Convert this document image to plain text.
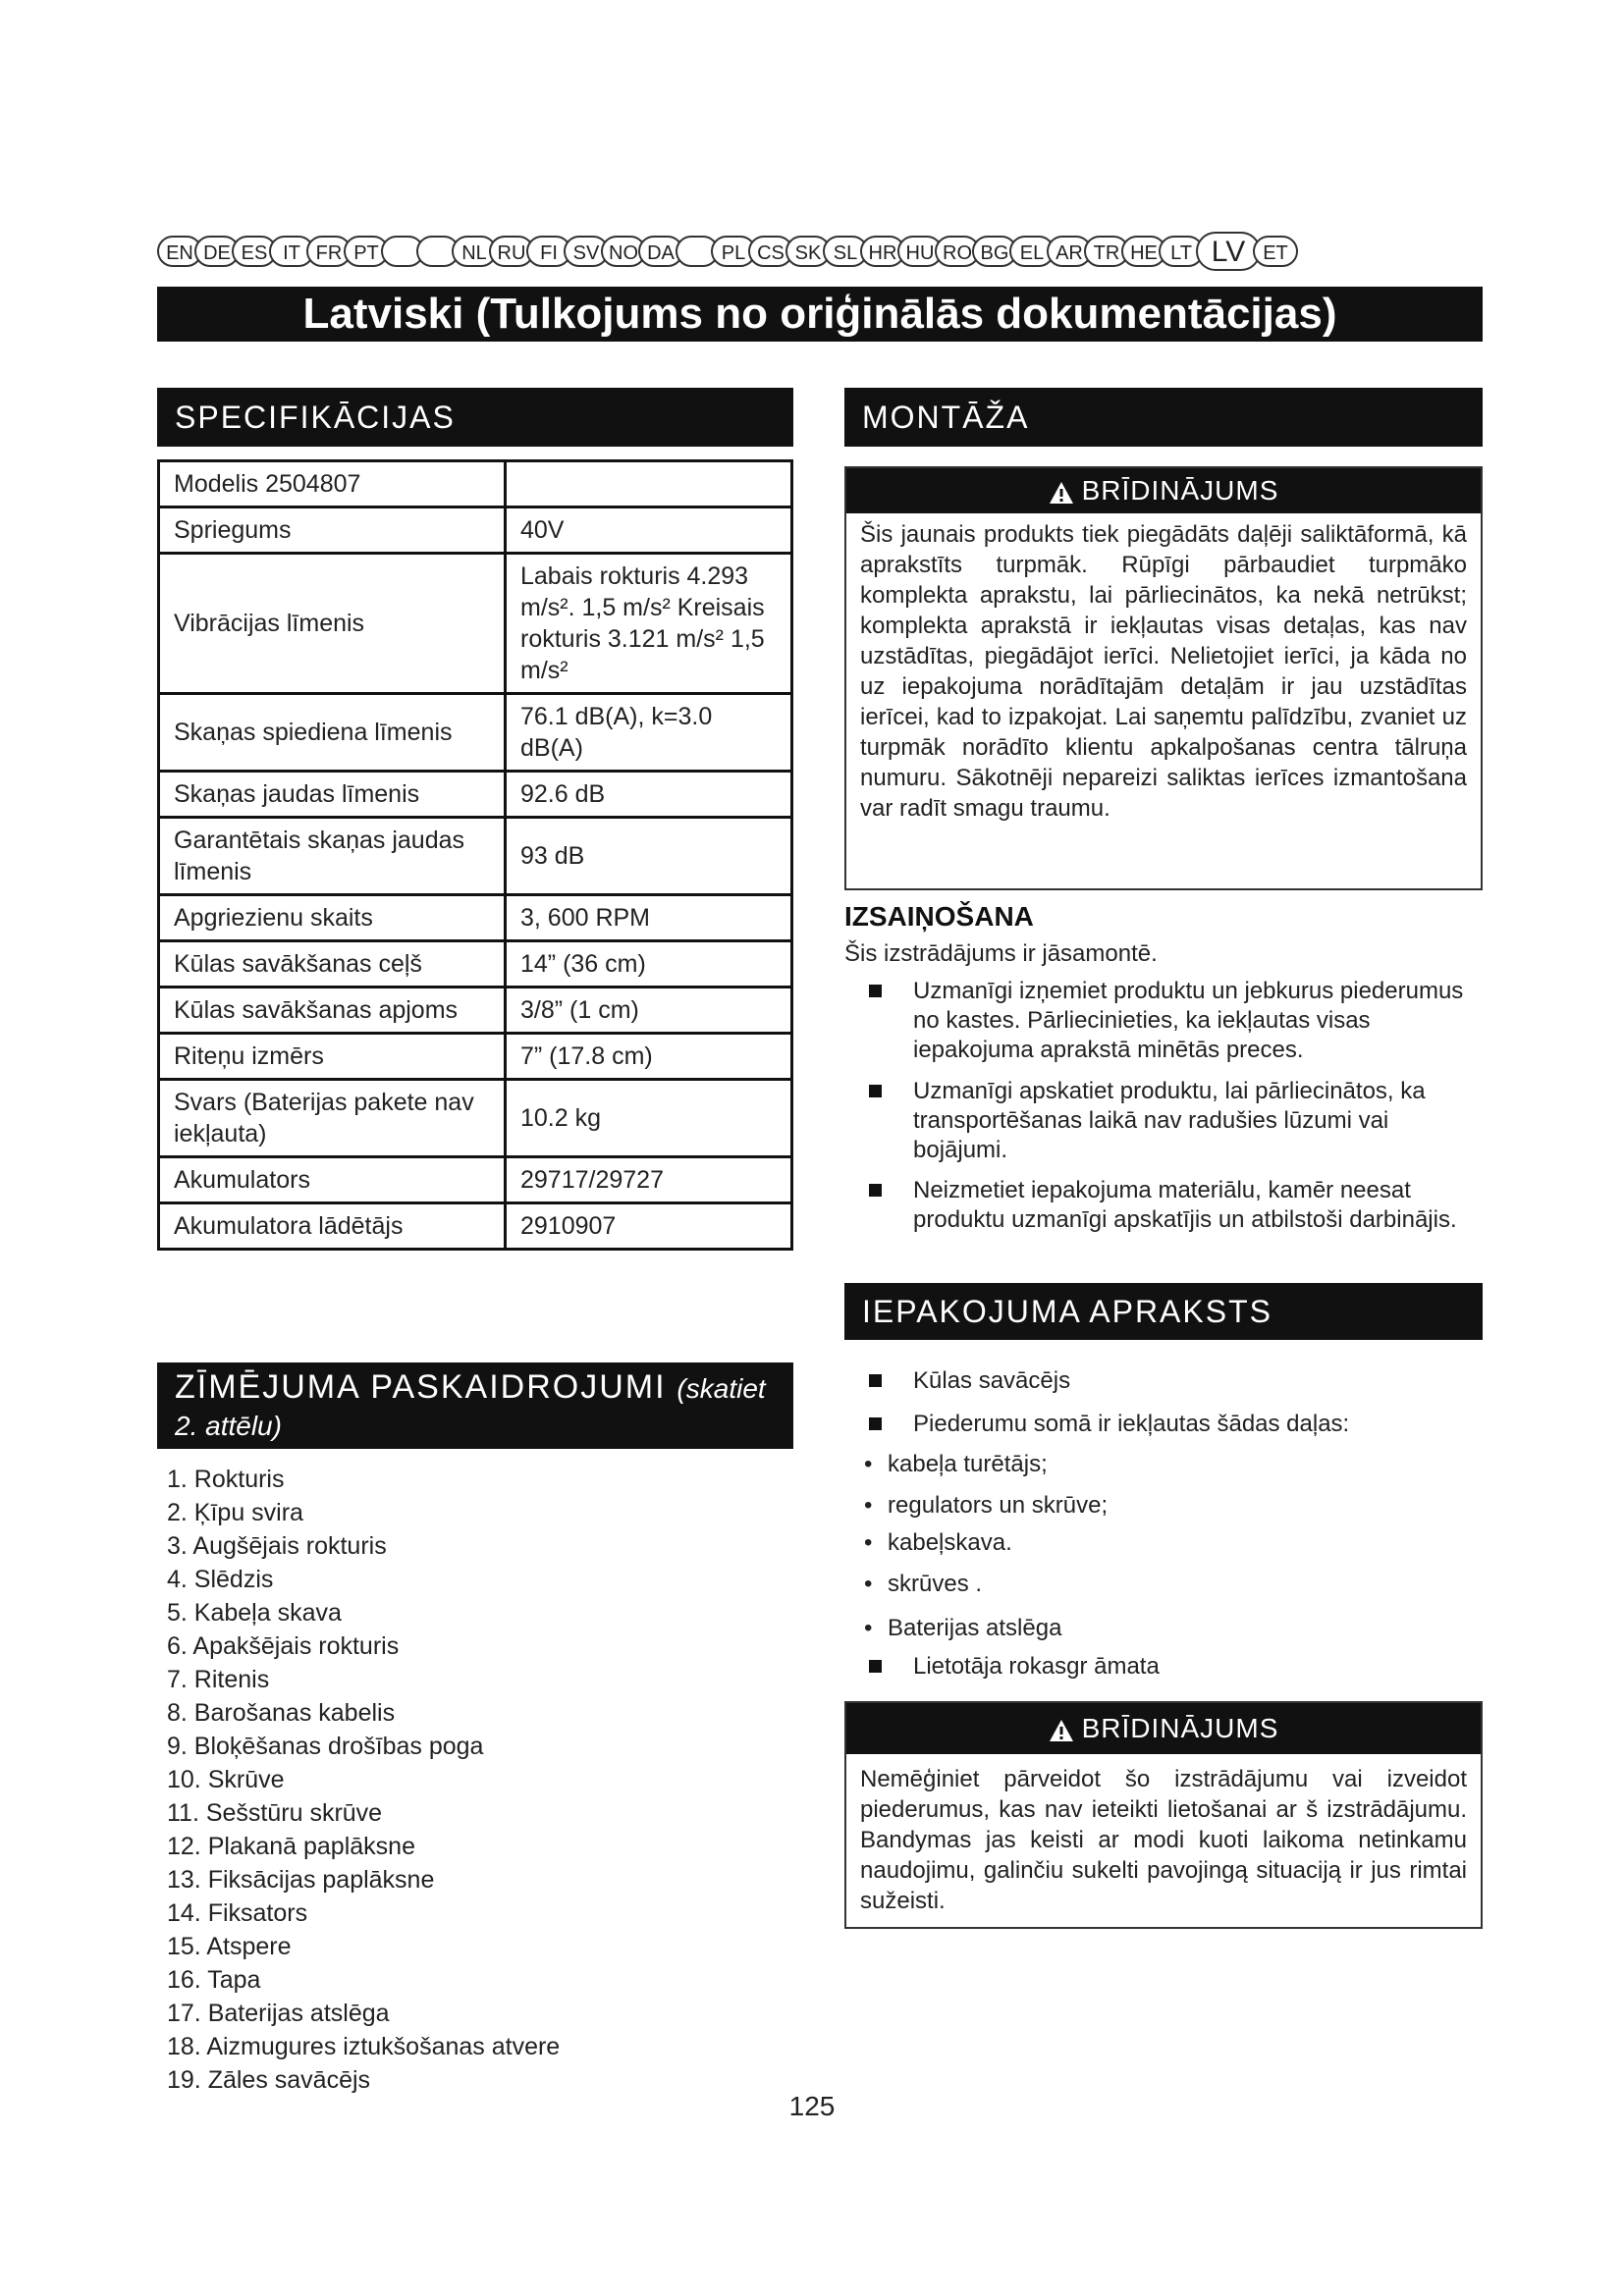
EN DE ES IT FR PT	NL RU FI SV NO DA	PL CS SK SL HR HU RO BG EL AR TR HE LT LV ET
Latviski (Tulkojums no oriģinālās dokumentācijas)
SPECIFIKĀCIJAS
Modelis 2504807	
Spriegums	40V
Vibrācijas līmenis	Labais rokturis 4.293 m/s². 1,5 m/s² Kreisais rokturis 3.121 m/s² 1,5 m/s²
Skaņas spiediena līmenis	76.1 dB(A), k=3.0 dB(A)
Skaņas jaudas līmenis	92.6 dB
Garantētais skaņas jaudas līmenis	93 dB
Apgriezienu skaits	3, 600 RPM
Kūlas savākšanas ceļš	14” (36 cm)
Kūlas savākšanas apjoms	3/8” (1 cm)
Riteņu izmērs	7” (17.8 cm)
Svars (Baterijas pakete nav iekļauta)	10.2 kg
Akumulators	29717/29727
Akumulatora lādētājs	2910907
ZĪMĒJUMA PASKAIDROJUMI (skatiet 2. attēlu)
1. Rokturis
2. Ķīpu svira
3. Augšējais rokturis
4. Slēdzis
5. Kabeļa skava
6. Apakšējais rokturis
7. Ritenis
8. Barošanas kabelis
9. Bloķēšanas drošības poga
10. Skrūve
11. Sešstūru skrūve
12. Plakanā paplāksne
13. Fiksācijas paplāksne
14. Fiksators
15. Atspere
16. Tapa
17. Baterijas atslēga
18. Aizmugures iztukšošanas atvere
19. Zāles savācējs
MONTĀŽA
BRĪDINĀJUMS
Šis jaunais produkts tiek piegādāts daļēji saliktāformā, kā aprakstīts turpmāk. Rūpīgi pārbaudiet turpmāko komplekta aprakstu, lai pārliecinātos, ka nekā netrūkst; komplekta aprakstā ir iekļautas visas detaļas, kas nav uzstādītas, piegādājot ierīci. Nelietojiet ierīci, ja kāda no uz iepakojuma norādītajām detaļām ir jau uzstādītas ierīcei, kad to izpakojat. Lai saņemtu palīdzību, zvaniet uz turpmāk norādīto klientu apkalpošanas centra tālruņa numuru. Sākotnēji nepareizi saliktas ierīces izmantošana var radīt smagu traumu.
IZSAIŅOŠANA
Šis izstrādājums ir jāsamontē.
Uzmanīgi izņemiet produktu un jebkurus piederumus no kastes. Pārliecinieties, ka iekļautas visas iepakojuma aprakstā minētās preces.
Uzmanīgi apskatiet produktu, lai pārliecinātos, ka transportēšanas laikā nav radušies lūzumi vai bojājumi.
Neizmetiet iepakojuma materiālu, kamēr neesat produktu uzmanīgi apskatījis un atbilstoši darbinājis.
IEPAKOJUMA APRAKSTS
Kūlas savācējs
Piederumu somā ir iekļautas šādas daļas:
• kabeļa turētājs;
• regulators un skrūve;
• kabeļskava.
• skrūves .
• Baterijas atslēga
Lietotāja rokasgr āmata
BRĪDINĀJUMS
Nemēģiniet pārveidot šo izstrādājumu vai izveidot piederumus, kas nav ieteikti lietošanai ar š izstrādājumu. Bandymas jas keisti ar modi kuoti laikoma netinkamu naudojimu, galinčiu sukelti pavojingą situaciją ir jus rimtai sužeisti.
125
